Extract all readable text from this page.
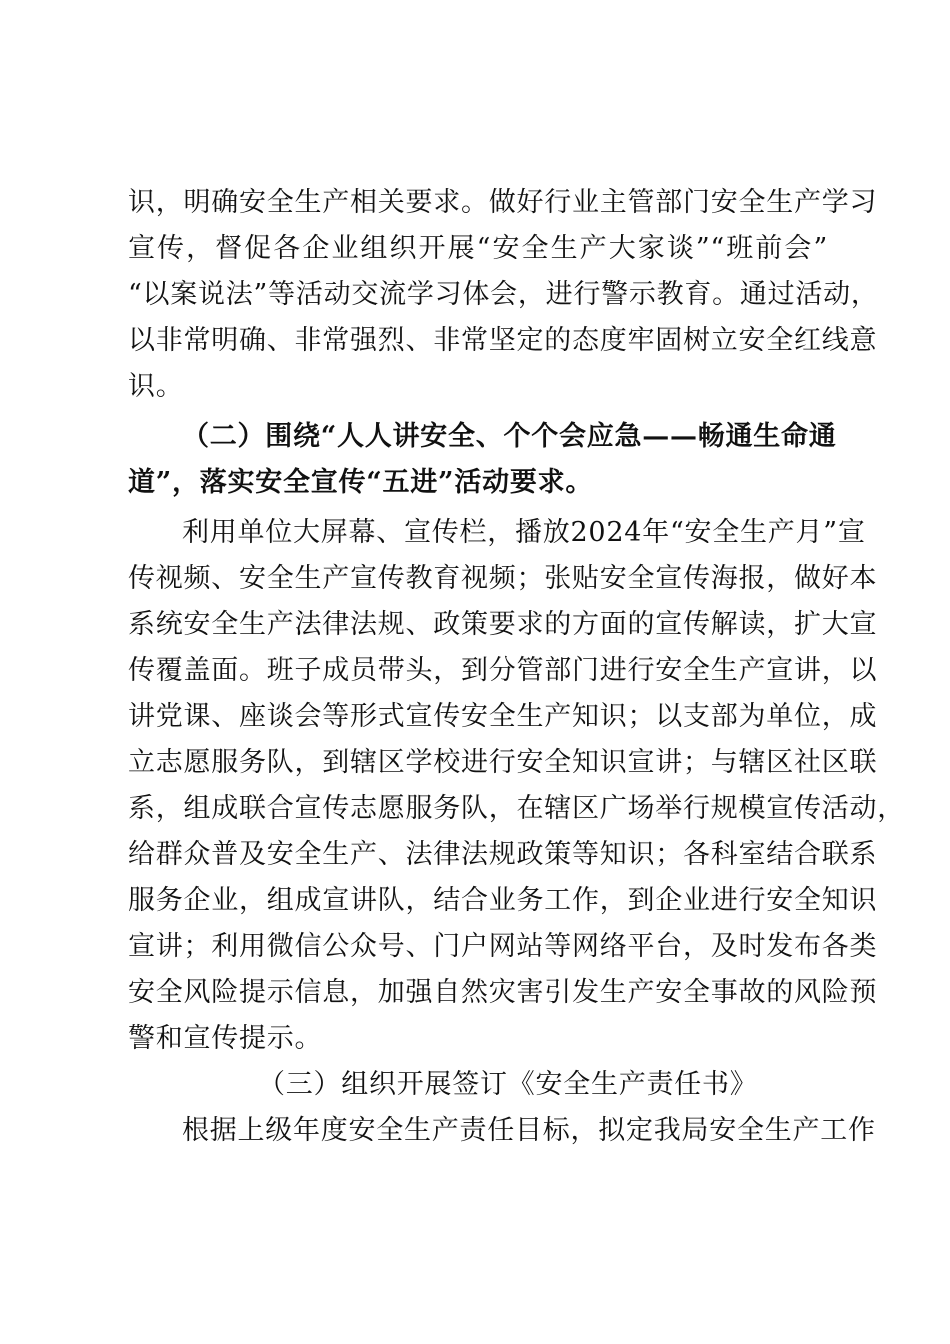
识，明确安全生产相关要求。做好行业主管部门安全生产学习
宣传，督促各企业组织开展“安全生产大家谈”“班前会”
“以案说法”等活动交流学习体会，进行警示教育。通过活动，
以非常明确、非常强烈、非常坚定的态度牢固树立安全红线意
识。
（二）围绕“人人讲安全、个个会应急——畅通生命通
道”，落实安全宣传“五进”活动要求。
利用单位大屏幕、宣传栏，播放2024年“安全生产月”宣
传视频、安全生产宣传教育视频；张贴安全宣传海报，做好本
系统安全生产法律法规、政策要求的方面的宣传解读，扩大宣
传覆盖面。班子成员带头，到分管部门进行安全生产宣讲，以
讲党课、座谈会等形式宣传安全生产知识；以支部为单位，成
立志愿服务队，到辖区学校进行安全知识宣讲；与辖区社区联
系，组成联合宣传志愿服务队，在辖区广场举行规模宣传活动，
给群众普及安全生产、法律法规政策等知识；各科室结合联系
服务企业，组成宣讲队，结合业务工作，到企业进行安全知识
宣讲；利用微信公众号、门户网站等网络平台，及时发布各类
安全风险提示信息，加强自然灾害引发生产安全事故的风险预
警和宣传提示。
（三）组织开展签订《安全生产责任书》
根据上级年度安全生产责任目标，拟定我局安全生产工作
